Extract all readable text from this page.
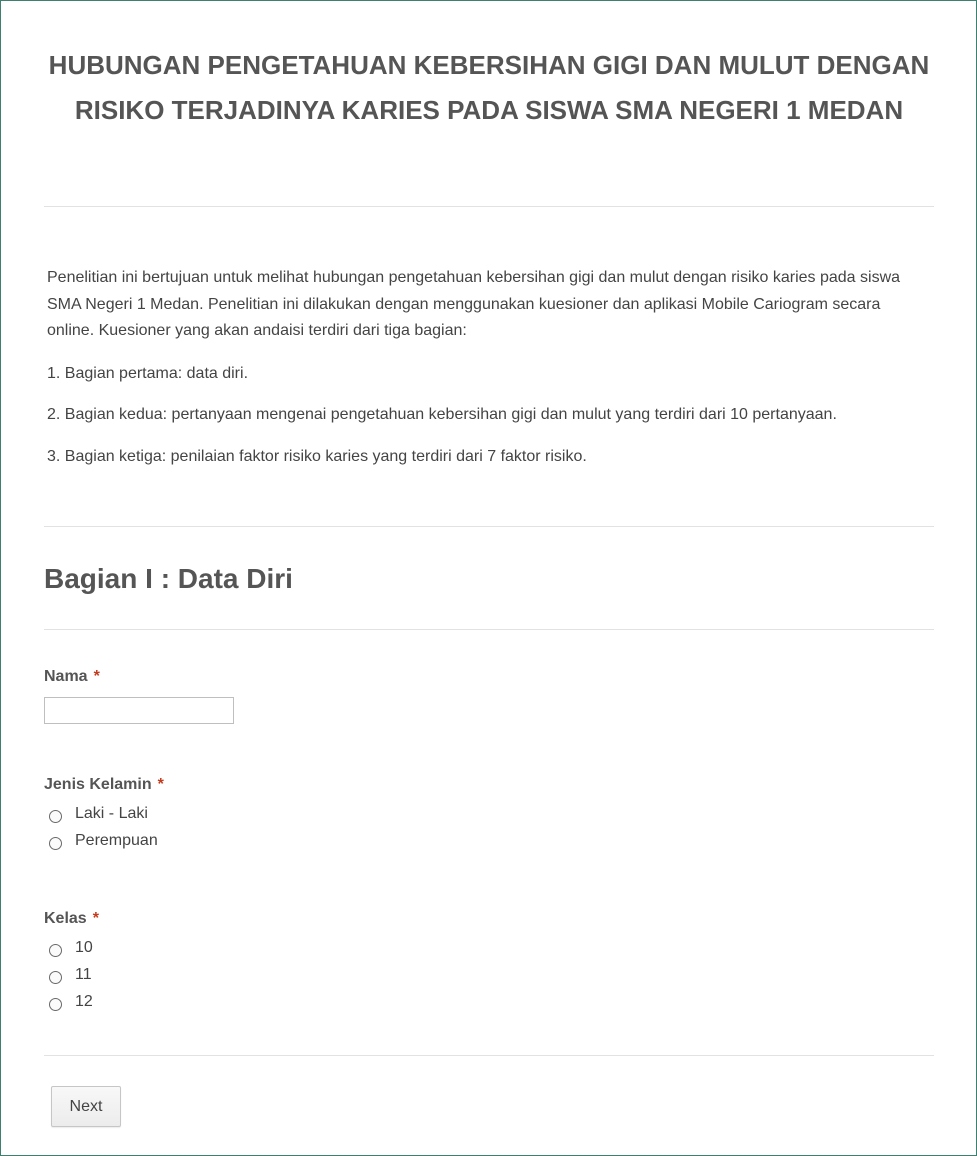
HUBUNGAN PENGETAHUAN KEBERSIHAN GIGI DAN MULUT DENGAN RISIKO TERJADINYA KARIES PADA SISWA SMA NEGERI 1 MEDAN

Penelitian ini bertujuan untuk melihat hubungan pengetahuan kebersihan gigi dan mulut dengan risiko karies pada siswa SMA Negeri 1 Medan. Penelitian ini dilakukan dengan menggunakan kuesioner dan aplikasi Mobile Cariogram secara online. Kuesioner yang akan andaisi terdiri dari tiga bagian:

1. Bagian pertama: data diri.

2. Bagian kedua: pertanyaan mengenai pengetahuan kebersihan gigi dan mulut yang terdiri dari 10 pertanyaan.

3. Bagian ketiga: penilaian faktor risiko karies yang terdiri dari 7 faktor risiko.

Bagian I : Data Diri
Nama *
Jenis Kelamin *
Laki - Laki
Perempuan
Kelas *
10
11
12
Next
